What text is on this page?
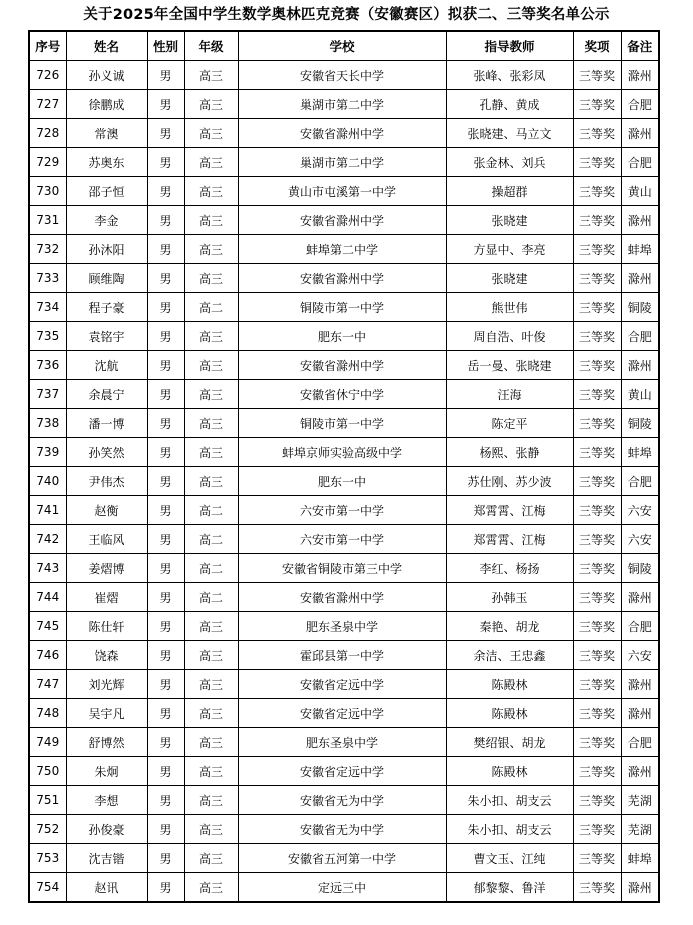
关于2025年全国中学生数学奥林匹克竞赛（安徽赛区）拟获二、三等奖名单公示
序号	姓名	性别	年级	学校	指导教师	奖项	备注
726	孙义诚	男	高三	安徽省天长中学	张峰、张彩凤	三等奖	滁州
727	徐鹏成	男	高三	巢湖市第二中学	孔静、黄成	三等奖	合肥
728	常澳	男	高三	安徽省滁州中学	张晓建、马立文	三等奖	滁州
729	苏奥东	男	高三	巢湖市第二中学	张金林、刘兵	三等奖	合肥
730	邵子恒	男	高三	黄山市屯溪第一中学	操超群	三等奖	黄山
731	李金	男	高三	安徽省滁州中学	张晓建	三等奖	滁州
732	孙沐阳	男	高三	蚌埠第二中学	方显中、李亮	三等奖	蚌埠
733	顾维陶	男	高三	安徽省滁州中学	张晓建	三等奖	滁州
734	程子豪	男	高二	铜陵市第一中学	熊世伟	三等奖	铜陵
735	袁铭宇	男	高三	肥东一中	周自浩、叶俊	三等奖	合肥
736	沈航	男	高三	安徽省滁州中学	岳一曼、张晓建	三等奖	滁州
737	余晨宁	男	高三	安徽省休宁中学	汪海	三等奖	黄山
738	潘一博	男	高三	铜陵市第一中学	陈定平	三等奖	铜陵
739	孙笑然	男	高三	蚌埠京师实验高级中学	杨熙、张静	三等奖	蚌埠
740	尹伟杰	男	高三	肥东一中	苏仕刚、苏少波	三等奖	合肥
741	赵衡	男	高二	六安市第一中学	郑霄霄、江梅	三等奖	六安
742	王临风	男	高二	六安市第一中学	郑霄霄、江梅	三等奖	六安
743	姜熠博	男	高二	安徽省铜陵市第三中学	李红、杨扬	三等奖	铜陵
744	崔熠	男	高二	安徽省滁州中学	孙韩玉	三等奖	滁州
745	陈仕轩	男	高三	肥东圣泉中学	秦艳、胡龙	三等奖	合肥
746	饶森	男	高三	霍邱县第一中学	余洁、王忠鑫	三等奖	六安
747	刘光辉	男	高三	安徽省定远中学	陈殿林	三等奖	滁州
748	吴宇凡	男	高三	安徽省定远中学	陈殿林	三等奖	滁州
749	舒博然	男	高三	肥东圣泉中学	樊绍银、胡龙	三等奖	合肥
750	朱炯	男	高三	安徽省定远中学	陈殿林	三等奖	滁州
751	李想	男	高三	安徽省无为中学	朱小扣、胡支云	三等奖	芜湖
752	孙俊豪	男	高三	安徽省无为中学	朱小扣、胡支云	三等奖	芜湖
753	沈吉锴	男	高三	安徽省五河第一中学	曹文玉、江纯	三等奖	蚌埠
754	赵讯	男	高三	定远三中	郁黎黎、鲁洋	三等奖	滁州
